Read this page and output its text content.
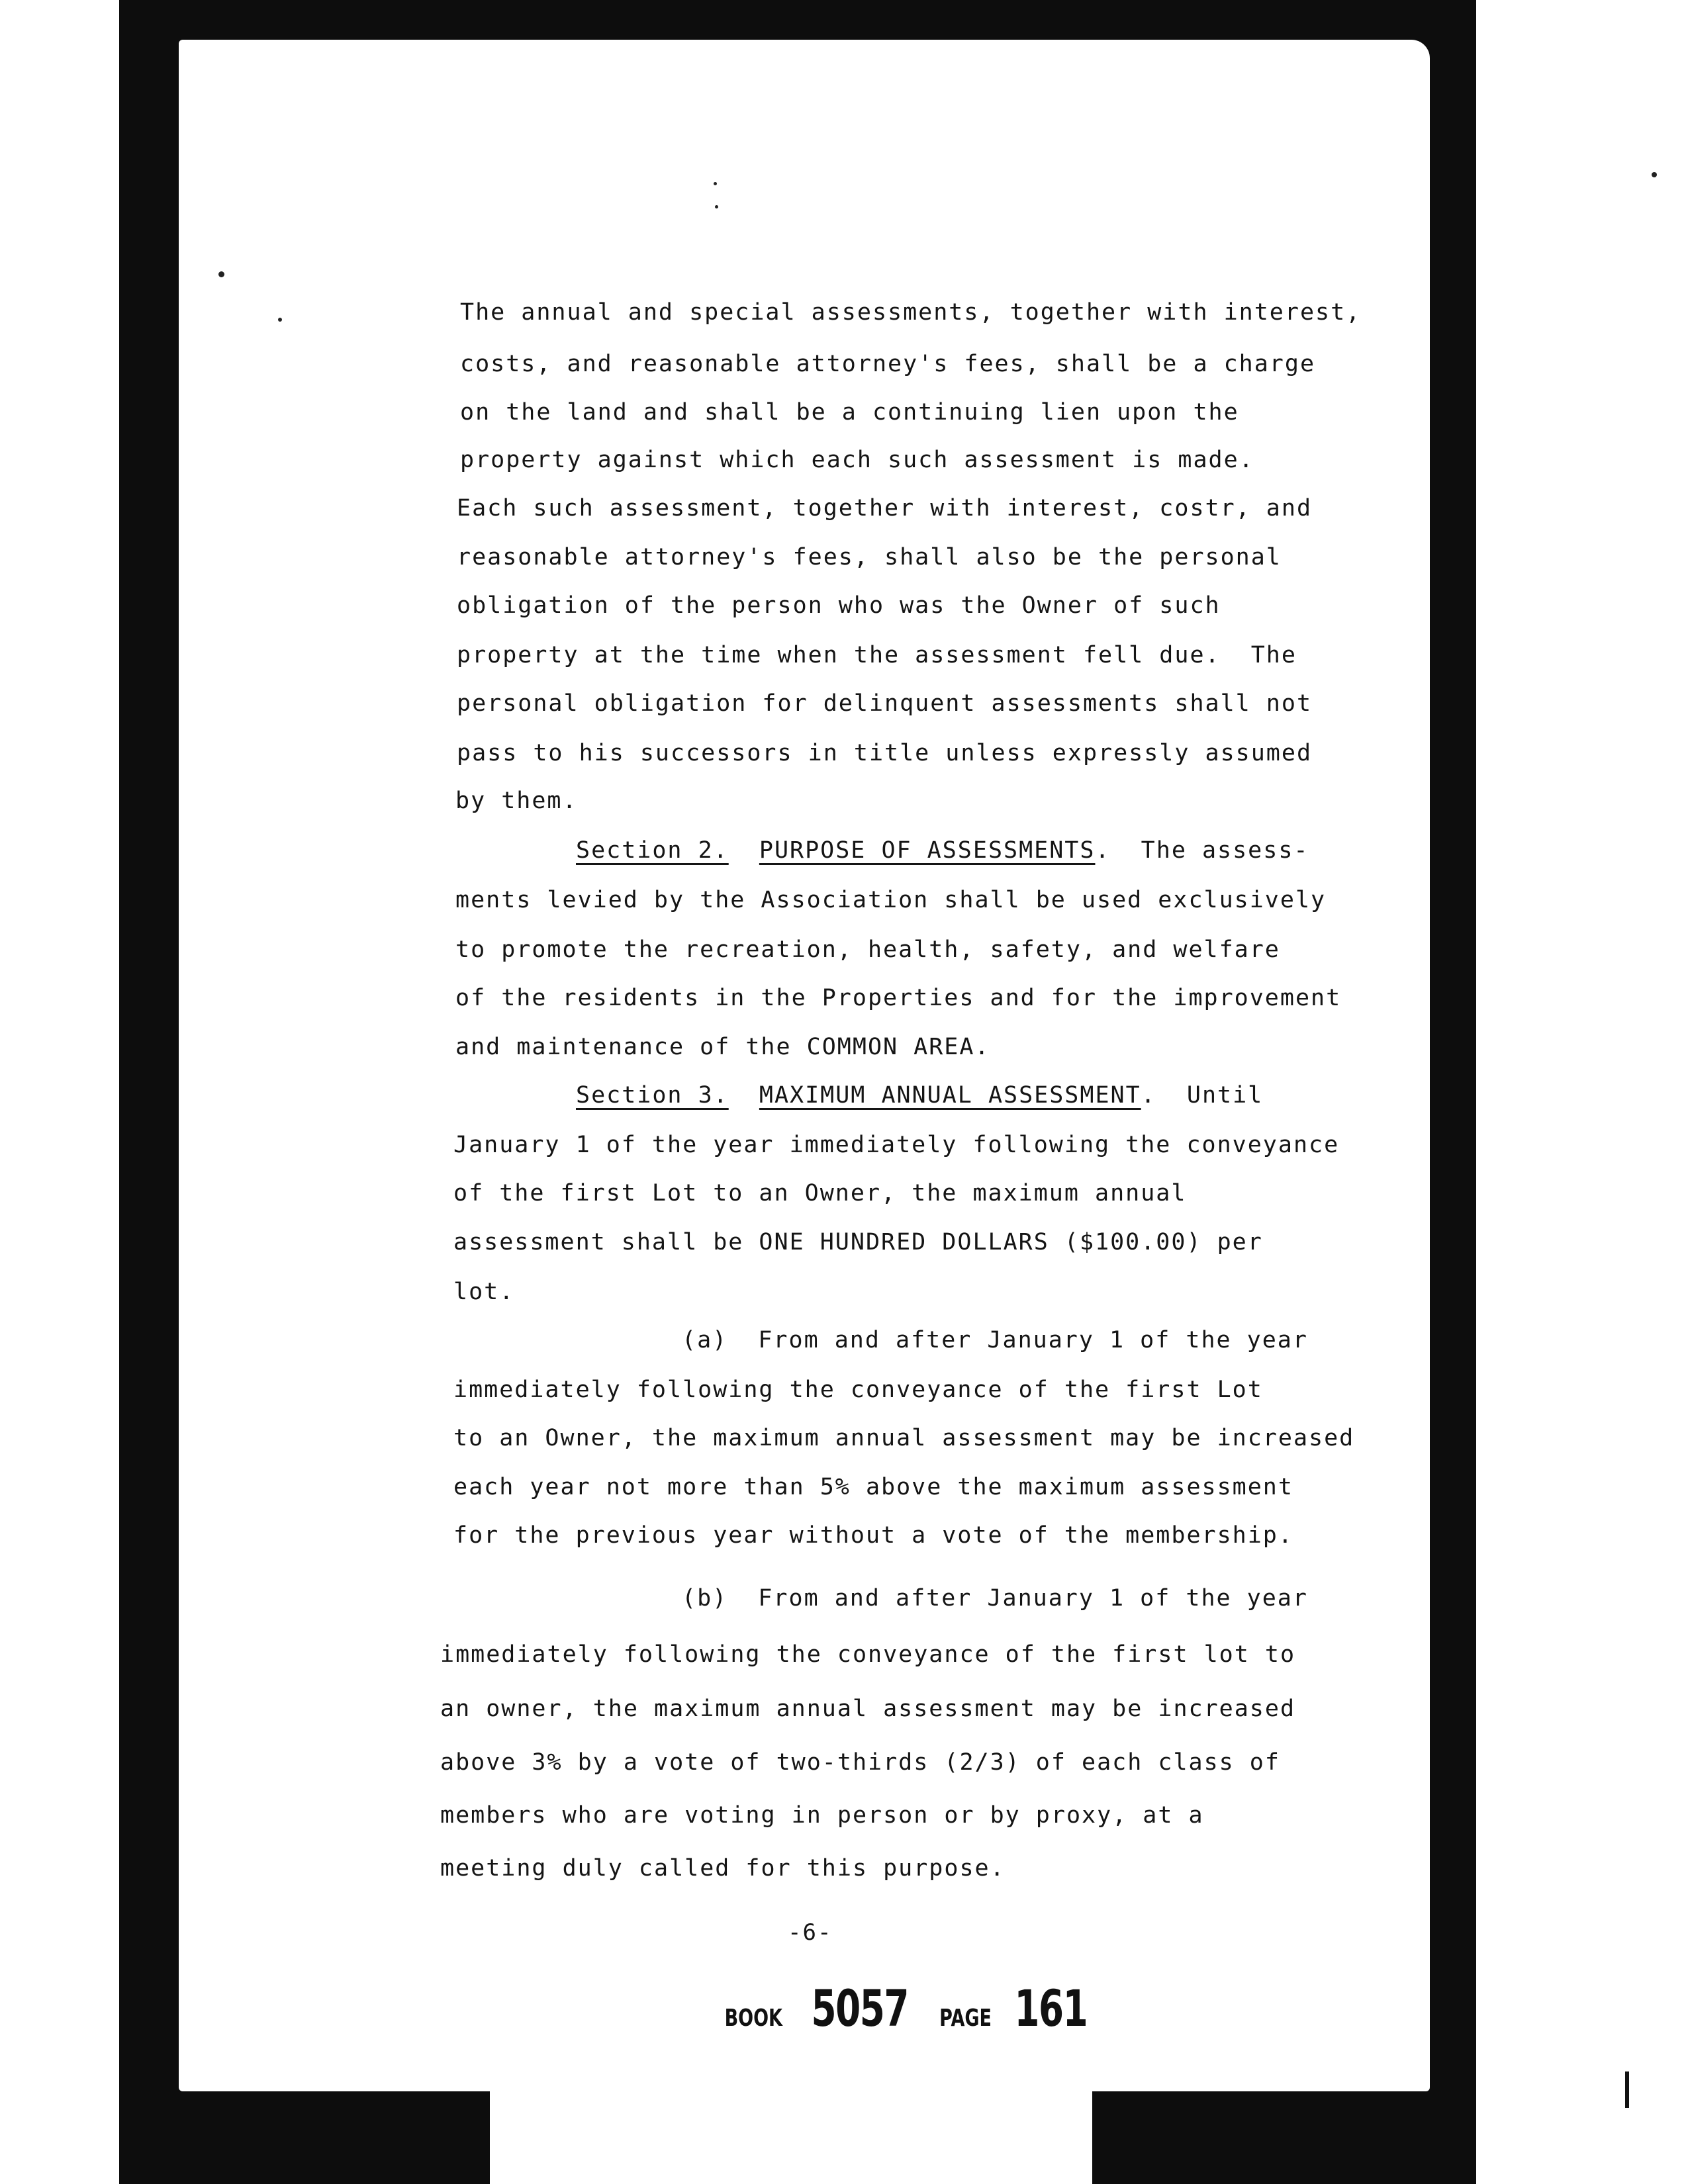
The annual and special assessments, together with interest,
costs, and reasonable attorney's fees, shall be a charge
on the land and shall be a continuing lien upon the
property against which each such assessment is made.
Each such assessment, together with interest, costr, and
reasonable attorney's fees, shall also be the personal
obligation of the person who was the Owner of such
property at the time when the assessment fell due.  The
personal obligation for delinquent assessments shall not
pass to his successors in title unless expressly assumed
by them.
Section 2. PURPOSE OF ASSESSMENTS.  The assess-
ments levied by the Association shall be used exclusively
to promote the recreation, health, safety, and welfare
of the residents in the Properties and for the improvement
and maintenance of the COMMON AREA.
Section 3. MAXIMUM ANNUAL ASSESSMENT.  Until
January 1 of the year immediately following the conveyance
of the first Lot to an Owner, the maximum annual
assessment shall be ONE HUNDRED DOLLARS ($100.00) per
lot.
(a)  From and after January 1 of the year
immediately following the conveyance of the first Lot
to an Owner, the maximum annual assessment may be increased
each year not more than 5% above the maximum assessment
for the previous year without a vote of the membership.
(b)  From and after January 1 of the year
immediately following the conveyance of the first lot to
an owner, the maximum annual assessment may be increased
above 3% by a vote of two-thirds (2/3) of each class of
members who are voting in person or by proxy, at a
meeting duly called for this purpose.
-6-
BOOK 5057 PAGE 161
